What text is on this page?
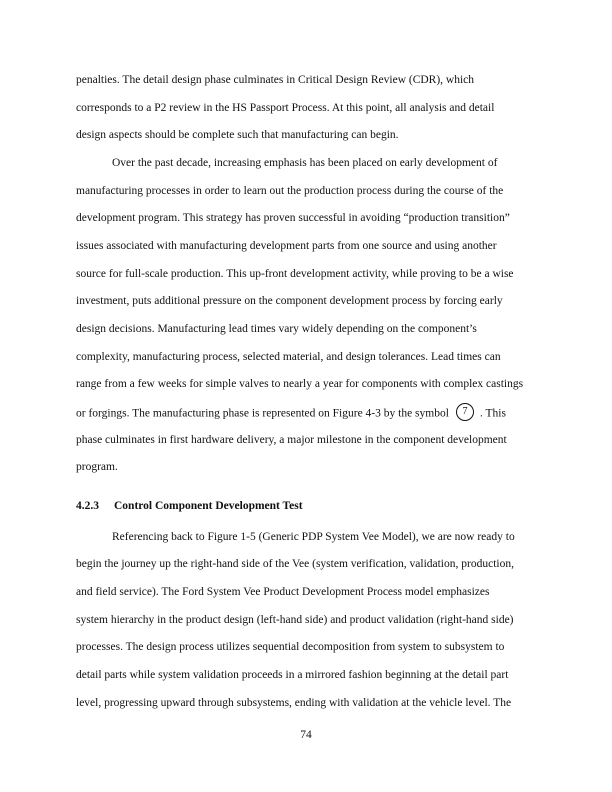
penalties. The detail design phase culminates in Critical Design Review (CDR), which
corresponds to a P2 review in the HS Passport Process. At this point, all analysis and detail
design aspects should be complete such that manufacturing can begin.
Over the past decade, increasing emphasis has been placed on early development of
manufacturing processes in order to learn out the production process during the course of the
development program. This strategy has proven successful in avoiding “production transition”
issues associated with manufacturing development parts from one source and using another
source for full-scale production. This up-front development activity, while proving to be a wise
investment, puts additional pressure on the component development process by forcing early
design decisions. Manufacturing lead times vary widely depending on the component’s
complexity, manufacturing process, selected material, and design tolerances. Lead times can
range from a few weeks for simple valves to nearly a year for components with complex castings
or forgings. The manufacturing phase is represented on Figure 4-3 by the symbol 7 . This
phase culminates in first hardware delivery, a major milestone in the component development
program.
4.2.3 Control Component Development Test
Referencing back to Figure 1-5 (Generic PDP System Vee Model), we are now ready to
begin the journey up the right-hand side of the Vee (system verification, validation, production,
and field service). The Ford System Vee Product Development Process model emphasizes
system hierarchy in the product design (left-hand side) and product validation (right-hand side)
processes. The design process utilizes sequential decomposition from system to subsystem to
detail parts while system validation proceeds in a mirrored fashion beginning at the detail part
level, progressing upward through subsystems, ending with validation at the vehicle level. The
74
